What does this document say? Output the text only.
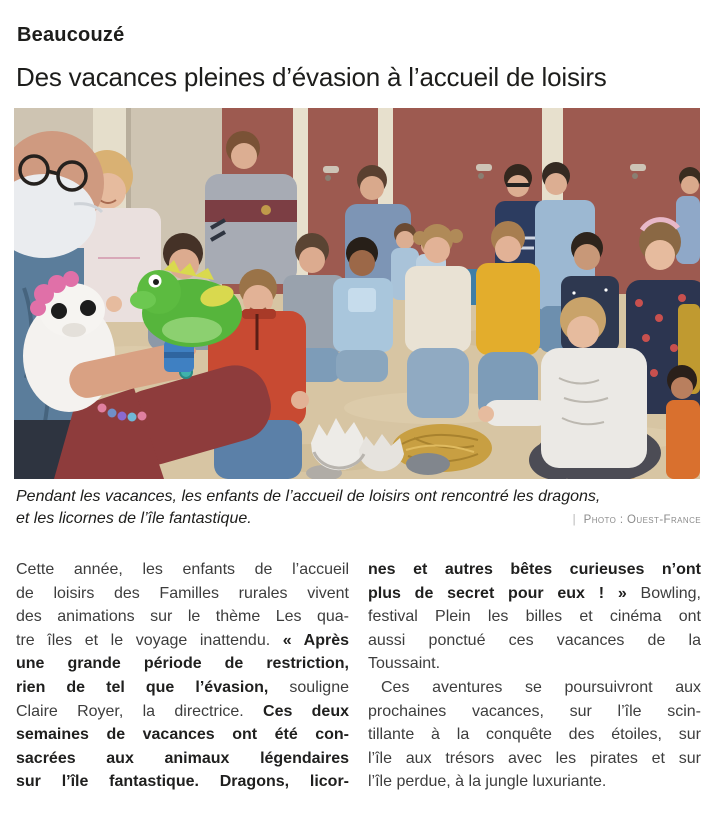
Beaucouzé
Des vacances pleines d’évasion à l’accueil de loisirs
Pendant les vacances, les enfants de l’accueil de loisirs ont rencontré les dragons,
et les licornes de l’île fantastique.	| Photo : Ouest-France
Cette année, les enfants de l’accueil
de loisirs des Familles rurales vivent
des animations sur le thème Les qua-
tre îles et le voyage inattendu. « Après
une grande période de restriction,
rien de tel que l’évasion, souligne
Claire Royer, la directrice. Ces deux
semaines de vacances ont été con-
sacrées aux animaux légendaires
sur l’île fantastique. Dragons, licor-
nes et autres bêtes curieuses n’ont
plus de secret pour eux ! » Bowling,
festival Plein les billes et cinéma ont
aussi ponctué ces vacances de la
Toussaint.
Ces aventures se poursuivront aux
prochaines vacances, sur l’île scin-
tillante à la conquête des étoiles, sur
l’île aux trésors avec les pirates et sur
l’île perdue, à la jungle luxuriante.
